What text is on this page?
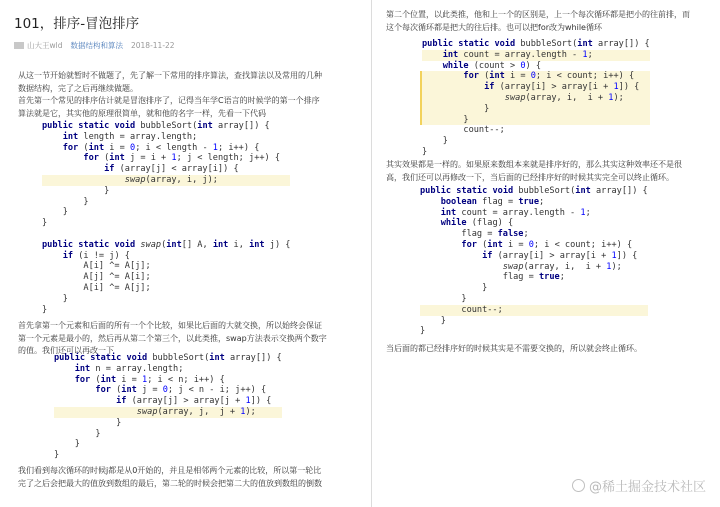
101，排序-冒泡排序
山大王wld 数据结构和算法 2018-11-22
从这一节开始就暂时不做题了，先了解一下常用的排序算法，查找算法以及常用的几种
数据结构，完了之后再继续做题。
首先第一个常见的排序估计就是冒泡排序了，记得当年学C语言的时候学的第一个排序
算法就是它，其实他的原理很简单，就和他的名字一样，先看一下代码
public static void bubbleSort(int array[]) {
int length = array.length;
for (int i = 0; i < length - 1; i++) {
for (int j = i + 1; j < length; j++) {
if (array[j] < array[i]) {
swap(array, i, j);
}
}
}
}
public static void swap(int[] A, int i, int j) {
if (i != j) {
A[i] ^= A[j];
A[j] ^= A[i];
A[i] ^= A[j];
}
}
首先拿第一个元素和后面的所有一个个比较，如果比后面的大就交换，所以始终会保证
第一个元素是最小的，然后再从第二个第三个，以此类推，swap方法表示交换两个数字
的值。我们还可以再改一下
public static void bubbleSort(int array[]) {
int n = array.length;
for (int i = 1; i < n; i++) {
for (int j = 0; j < n - i; j++) {
if (array[j] > array[j + 1]) {
swap(array, j,  j + 1);
}
}
}
}
我们看到每次循环的时候j都是从0开始的，并且是相邻两个元素的比较，所以第一轮比
完了之后会把最大的值放到数组的最后，第二轮的时候会把第二大的值放到数组的倒数
第二个位置，以此类推，他和上一个的区别是，上一个每次循环都是把小的往前排，而
这个每次循环都是把大的往后排。也可以把for改为while循环
public static void bubbleSort(int array[]) {
int count = array.length - 1;
while (count > 0) {
for (int i = 0; i < count; i++) {
if (array[i] > array[i + 1]) {
swap(array, i,  i + 1);
}
}
count--;
}
}
其实效果都是一样的。如果原来数组本来就是排序好的，那么其实这种效率还不是很
高，我们还可以再修改一下，当后面的已经排序好的时候其实完全可以终止循环。
public static void bubbleSort(int array[]) {
boolean flag = true;
int count = array.length - 1;
while (flag) {
flag = false;
for (int i = 0; i < count; i++) {
if (array[i] > array[i + 1]) {
swap(array, i,  i + 1);
flag = true;
}
}
count--;
}
}
当后面的都已经排序好的时候其实是不需要交换的，所以就会终止循环。
@稀土掘金技术社区
